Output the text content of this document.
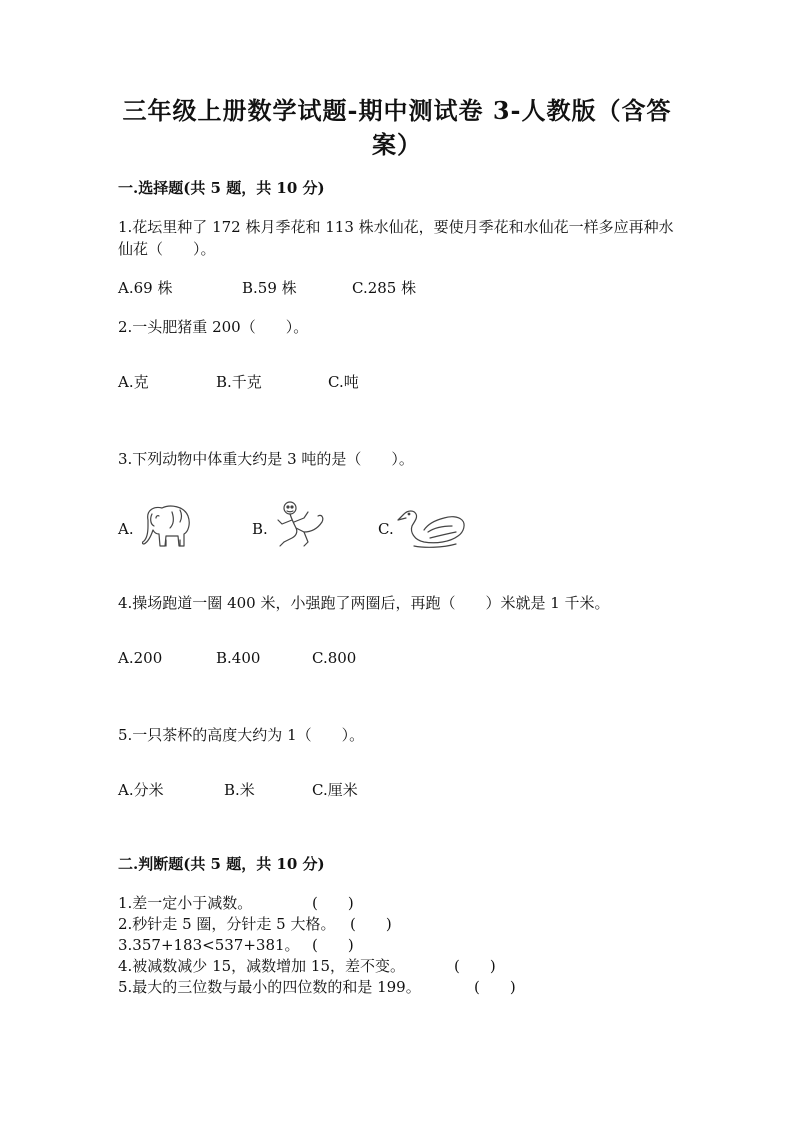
三年级上册数学试题-期中测试卷 3-人教版（含答案）
一.选择题(共 5 题，共 10 分)
1.花坛里种了 172 株月季花和 113 株水仙花，要使月季花和水仙花一样多应再种水仙花（　　）。
A.69 株	B.59 株	C.285 株
2.一头肥猪重 200（　　）。
A.克	B.千克	C.吨
3.下列动物中体重大约是 3 吨的是（　　）。
A.	B.	C.
4.操场跑道一圈 400 米，小强跑了两圈后，再跑（　　）米就是 1 千米。
A.200	B.400	C.800
5.一只茶杯的高度大约为 1（　　）。
A.分米	B.米	C.厘米
二.判断题(共 5 题，共 10 分)
1.差一定小于减数。	(　　)
2.秒针走 5 圈，分针走 5 大格。 (　　)
3.357+183<537+381。 (　　)
4.被减数减少 15，减数增加 15，差不变。	(　　)
5.最大的三位数与最小的四位数的和是 199。	(　　)
